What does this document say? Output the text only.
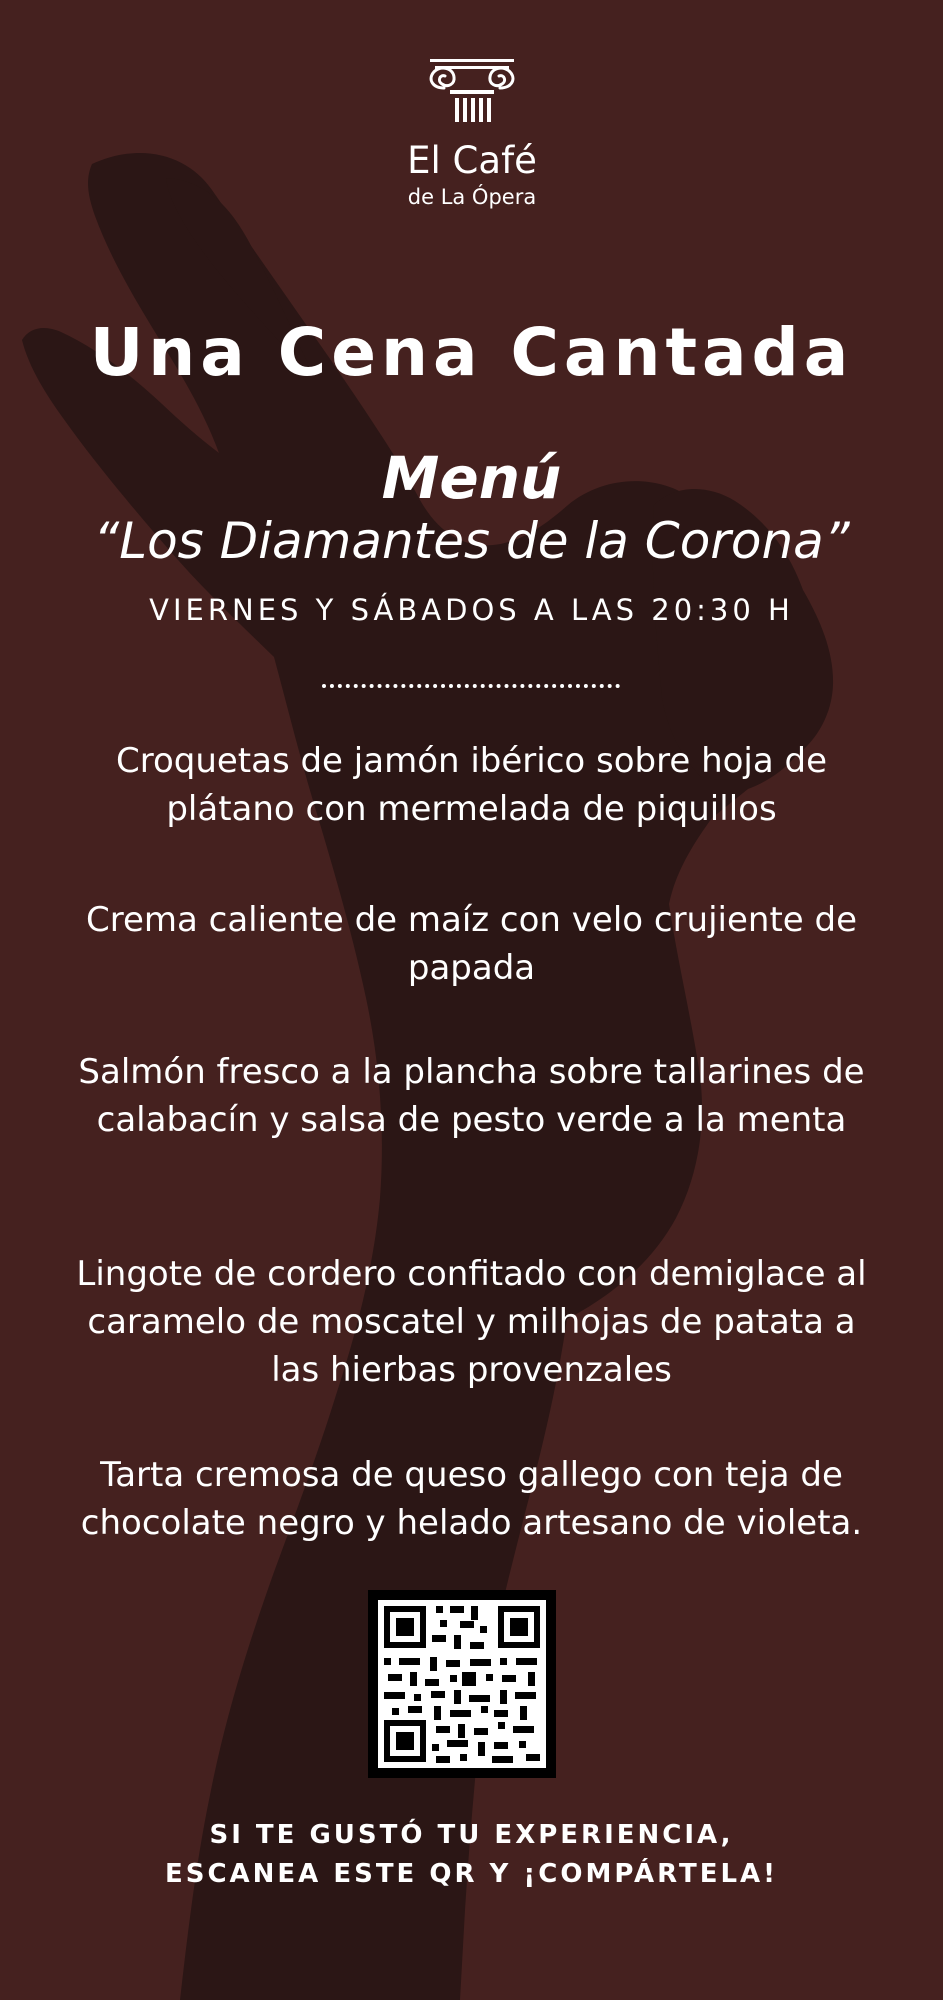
El Café
de La Ópera
Una Cena Cantada
Menú
“Los Diamantes de la Corona”
VIERNES Y SÁBADOS A LAS 20:30 H
Croquetas de jamón ibérico sobre hoja de plátano con mermelada de piquillos
Crema caliente de maíz con velo crujiente de papada
Salmón fresco a la plancha sobre tallarines de calabacín y salsa de pesto verde a la menta
Lingote de cordero confitado con demiglace al caramelo de moscatel y milhojas de patata a las hierbas provenzales
Tarta cremosa de queso gallego con teja de chocolate negro y helado artesano de violeta.
SI TE GUSTÓ TU EXPERIENCIA,
ESCANEA ESTE QR Y ¡COMPÁRTELA!
